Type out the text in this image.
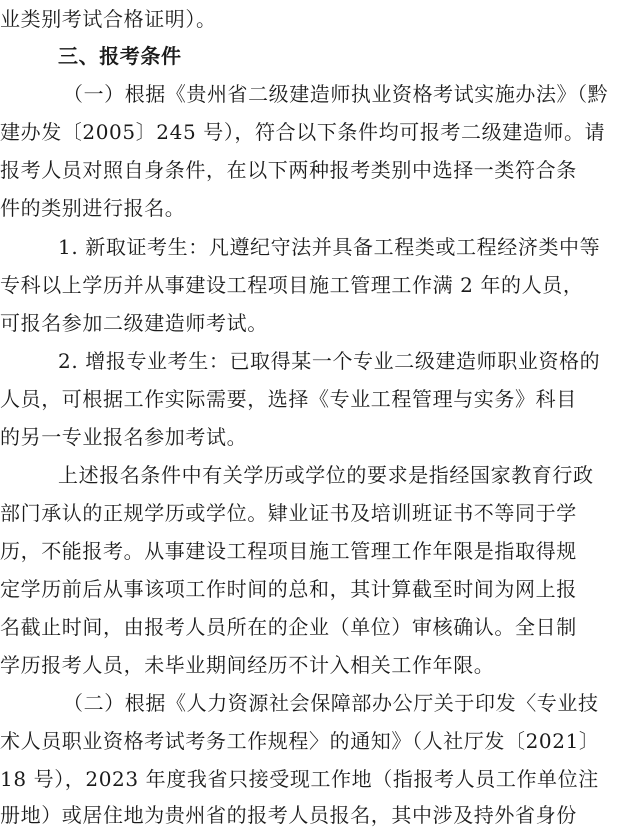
业类别考试合格证明）。
三、报考条件
（一）根据《贵州省二级建造师执业资格考试实施办法》（黔
建办发〔2005〕245 号），符合以下条件均可报考二级建造师。请
报考人员对照自身条件，在以下两种报考类别中选择一类符合条
件的类别进行报名。
1. 新取证考生：凡遵纪守法并具备工程类或工程经济类中等
专科以上学历并从事建设工程项目施工管理工作满 2 年的人员，
可报名参加二级建造师考试。
2. 增报专业考生：已取得某一个专业二级建造师职业资格的
人员，可根据工作实际需要，选择《专业工程管理与实务》科目
的另一专业报名参加考试。
上述报名条件中有关学历或学位的要求是指经国家教育行政
部门承认的正规学历或学位。肄业证书及培训班证书不等同于学
历，不能报考。从事建设工程项目施工管理工作年限是指取得规
定学历前后从事该项工作时间的总和，其计算截至时间为网上报
名截止时间，由报考人员所在的企业（单位）审核确认。全日制
学历报考人员，未毕业期间经历不计入相关工作年限。
（二）根据《人力资源社会保障部办公厅关于印发〈专业技
术人员职业资格考试考务工作规程〉的通知》（人社厅发〔2021〕
18 号），2023 年度我省只接受现工作地（指报考人员工作单位注
册地）或居住地为贵州省的报考人员报名，其中涉及持外省身份
